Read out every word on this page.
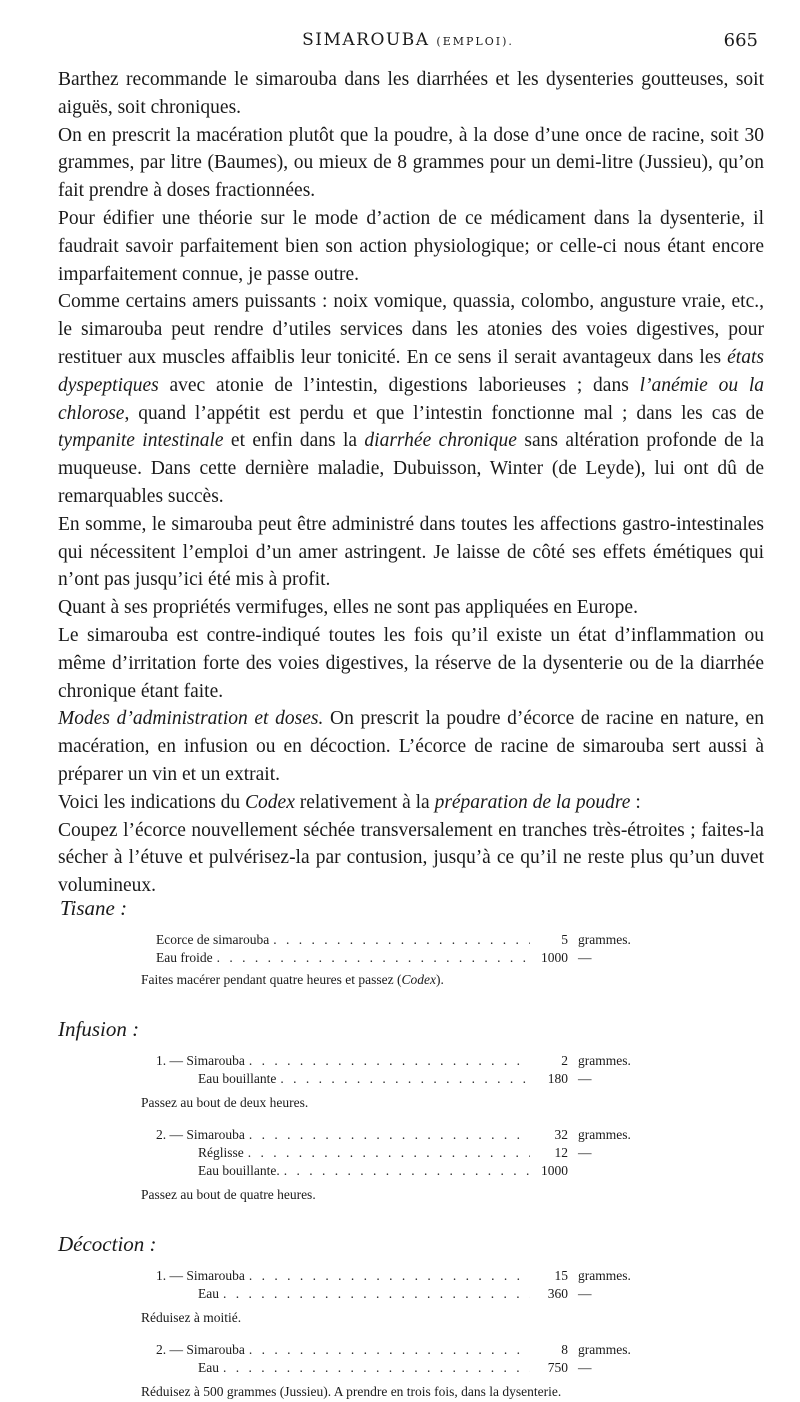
SIMAROUBA (EMPLOI).	665

Barthez recommande le simarouba dans les diarrhées et les dysenteries goutteuses, soit aiguës, soit chroniques.

On en prescrit la macération plutôt que la poudre, à la dose d’une once de racine, soit 30 grammes, par litre (Baumes), ou mieux de 8 grammes pour un demi-litre (Jussieu), qu’on fait prendre à doses fractionnées.

Pour édifier une théorie sur le mode d’action de ce médicament dans la dysenterie, il faudrait savoir parfaitement bien son action physiologique; or celle-ci nous étant encore imparfaitement connue, je passe outre.

Comme certains amers puissants : noix vomique, quassia, colombo, angusture vraie, etc., le simarouba peut rendre d’utiles services dans les atonies des voies digestives, pour restituer aux muscles affaiblis leur tonicité. En ce sens il serait avantageux dans les états dyspeptiques avec atonie de l’intestin, digestions laborieuses ; dans l’anémie ou la chlorose, quand l’appétit est perdu et que l’intestin fonctionne mal ; dans les cas de tympanite intestinale et enfin dans la diarrhée chronique sans altération profonde de la muqueuse. Dans cette dernière maladie, Dubuisson, Winter (de Leyde), lui ont dû de remarquables succès.

En somme, le simarouba peut être administré dans toutes les affections gastro-intestinales qui nécessitent l’emploi d’un amer astringent. Je laisse de côté ses effets émétiques qui n’ont pas jusqu’ici été mis à profit.

Quant à ses propriétés vermifuges, elles ne sont pas appliquées en Europe.

Le simarouba est contre-indiqué toutes les fois qu’il existe un état d’inflammation ou même d’irritation forte des voies digestives, la réserve de la dysenterie ou de la diarrhée chronique étant faite.

Modes d’administration et doses. On prescrit la poudre d’écorce de racine en nature, en macération, en infusion ou en décoction. L’écorce de racine de simarouba sert aussi à préparer un vin et un extrait.

Voici les indications du Codex relativement à la préparation de la poudre :

Coupez l’écorce nouvellement séchée transversalement en tranches très-étroites ; faites-la sécher à l’étuve et pulvérisez-la par contusion, jusqu’à ce qu’il ne reste plus qu’un duvet volumineux.

Tisane :

Ecorce de simarouba . . .	5 grammes.
Eau froide . . .	1000 —
Faites macérer pendant quatre heures et passez (Codex).

Infusion :

1. — Simarouba . . .	2 grammes.
Eau bouillante . . .	180 —
Passez au bout de deux heures.
2. — Simarouba . . .	32 grammes.
Réglisse . . .	12 —
Eau bouillante. . . .	1000
Passez au bout de quatre heures.

Décoction :

1. — Simarouba . . .	15 grammes.
Eau . . .	360 —
Réduisez à moitié.
2. — Simarouba . . .	8 grammes.
Eau . . .	750 —
Réduisez à 500 grammes (Jussieu). A prendre en trois fois, dans la dysenterie.
